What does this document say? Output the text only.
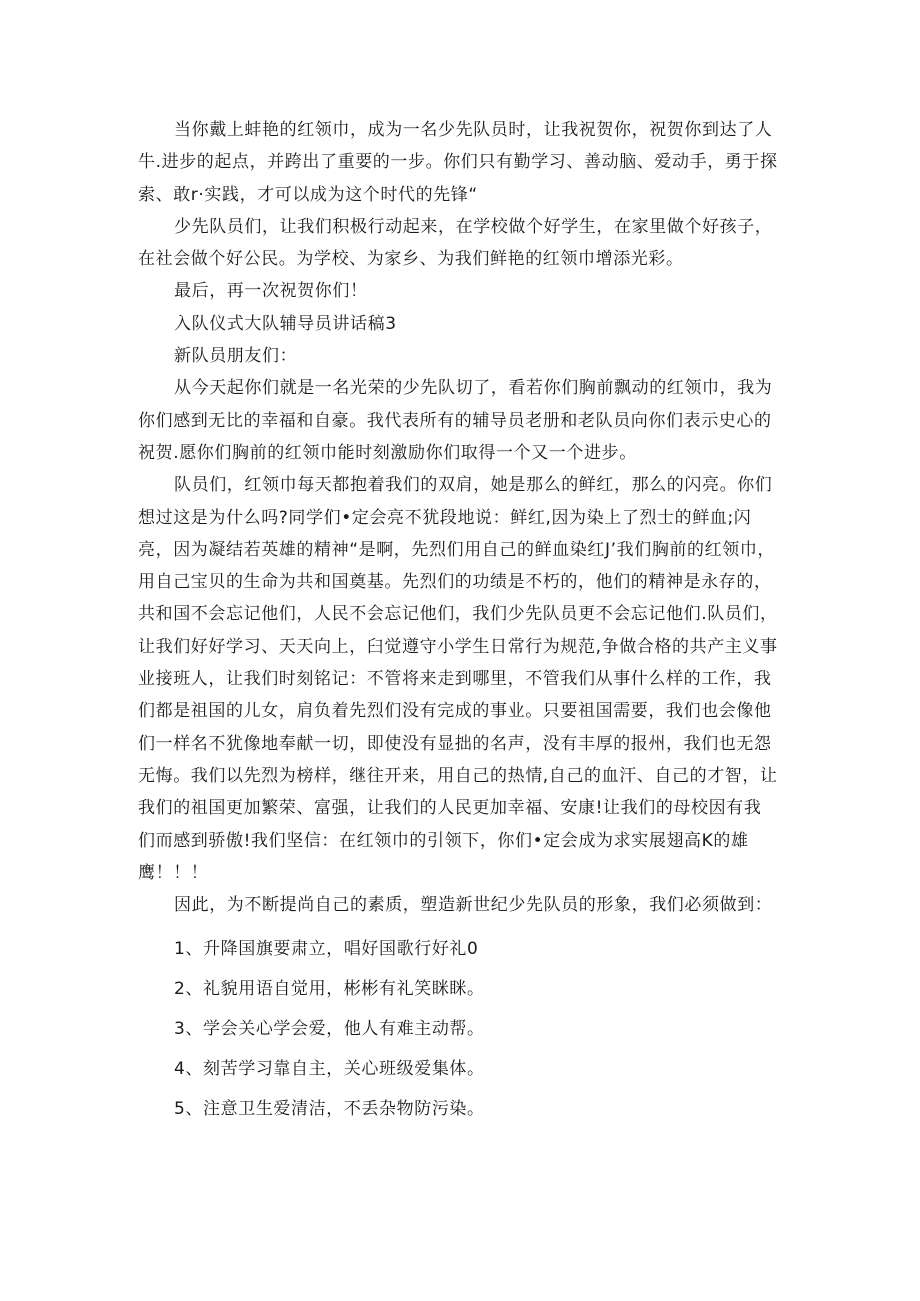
当你戴上蚌艳的红领巾，成为一名少先队员时，让我祝贺你，祝贺你到达了人牛.进步的起点，并跨出了重要的一步。你们只有勤学习、善动脑、爱动手，勇于探索、敢r·实践，才可以成为这个时代的先锋“

少先队员们，让我们积极行动起来，在学校做个好学生，在家里做个好孩子，在社会做个好公民。为学校、为家乡、为我们鲜艳的红领巾增添光彩。

最后，再一次祝贺你们！

入队仪式大队辅导员讲话稿3

新队员朋友们：

从今天起你们就是一名光荣的少先队切了，看若你们胸前飘动的红领巾，我为你们感到无比的幸福和自豪。我代表所有的辅导员老册和老队员向你们表示史心的祝贺.愿你们胸前的红领巾能时刻激励你们取得一个又一个进步。

队员们，红领巾每天都抱着我们的双肩，她是那么的鲜红，那么的闪亮。你们想过这是为什么吗?同学们•定会亮不犹段地说：鲜红,因为染上了烈士的鲜血;闪亮，因为凝结若英雄的精神“是啊，先烈们用自己的鲜血染红J’我们胸前的红领巾，用自己宝贝的生命为共和国奠基。先烈们的功绩是不朽的，他们的精神是永存的，共和国不会忘记他们，人民不会忘记他们，我们少先队员更不会忘记他们.队员们，让我们好好学习、天天向上，臼觉遵守小学生日常行为规范,争做合格的共产主义事业接班人，让我们时刻铭记：不管将来走到哪里，不管我们从事什么样的工作，我们都是祖国的儿女，肩负着先烈们没有完成的事业。只要祖国需要，我们也会像他们一样名不犹像地奉献一切，即使没有显拙的名声，没有丰厚的报州，我们也无怨无悔。我们以先烈为榜样，继往开来，用自己的热情,自己的血汗、自己的才智，让我们的祖国更加繁荣、富强，让我们的人民更加幸福、安康!让我们的母校因有我们而感到骄傲!我们坚信：在红领巾的引领下，你们•定会成为求实展翅高K的雄鹰！！！

因此，为不断提尚自己的素质，塑造新世纪少先队员的形象，我们必须做到：

1、升降国旗要肃立，唱好国歌行好礼0

2、礼貌用语自觉用，彬彬有礼笑眯眯。

3、学会关心学会爱，他人有难主动帮。

4、刻苦学习靠自主，关心班级爱集体。

5、注意卫生爱清洁，不丢杂物防污染。
